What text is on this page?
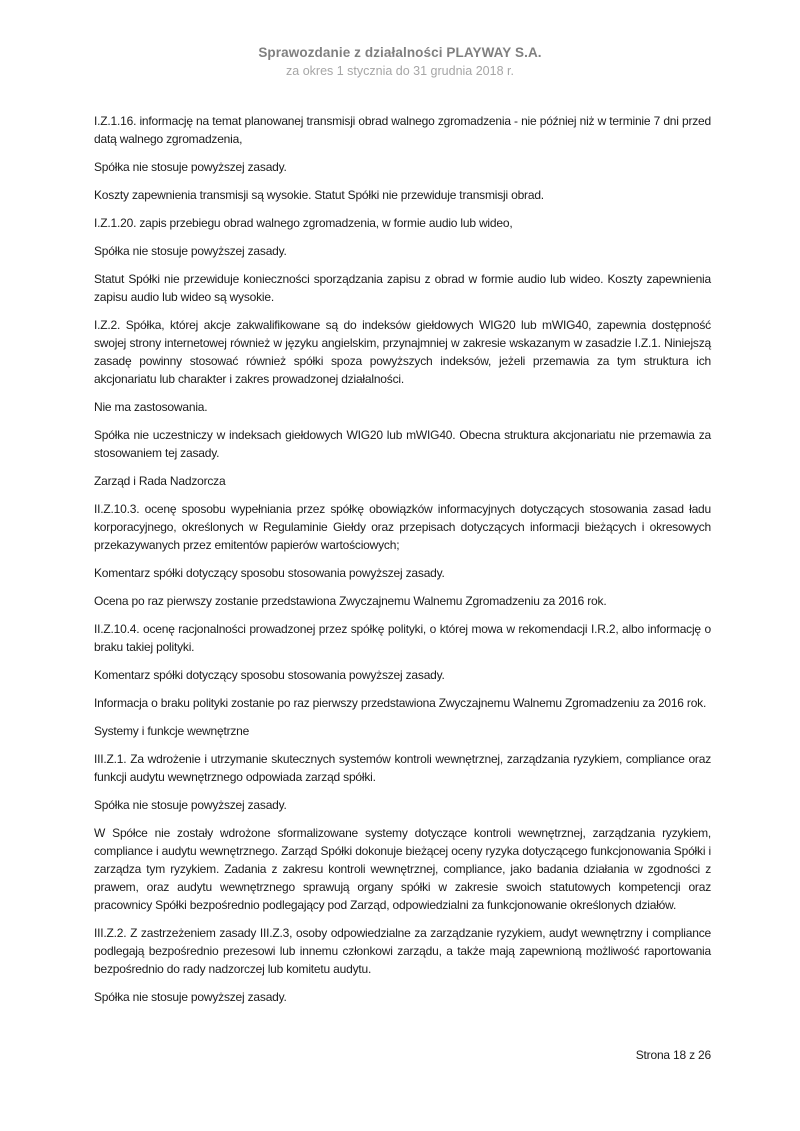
Sprawozdanie z działalności PLAYWAY S.A.
za okres 1 stycznia do 31 grudnia 2018 r.

I.Z.1.16. informację na temat planowanej transmisji obrad walnego zgromadzenia - nie później niż w terminie 7 dni przed datą walnego zgromadzenia,

Spółka nie stosuje powyższej zasady.

Koszty zapewnienia transmisji są wysokie. Statut Spółki nie przewiduje transmisji obrad.

I.Z.1.20. zapis przebiegu obrad walnego zgromadzenia, w formie audio lub wideo,

Spółka nie stosuje powyższej zasady.

Statut Spółki nie przewiduje konieczności sporządzania zapisu z obrad w formie audio lub wideo. Koszty zapewnienia zapisu audio lub wideo są wysokie.

I.Z.2. Spółka, której akcje zakwalifikowane są do indeksów giełdowych WIG20 lub mWIG40, zapewnia dostępność swojej strony internetowej również w języku angielskim, przynajmniej w zakresie wskazanym w zasadzie I.Z.1. Niniejszą zasadę powinny stosować również spółki spoza powyższych indeksów, jeżeli przemawia za tym struktura ich akcjonariatu lub charakter i zakres prowadzonej działalności.

Nie ma zastosowania.

Spółka nie uczestniczy w indeksach giełdowych WIG20 lub mWIG40. Obecna struktura akcjonariatu nie przemawia za stosowaniem tej zasady.

Zarząd i Rada Nadzorcza

II.Z.10.3. ocenę sposobu wypełniania przez spółkę obowiązków informacyjnych dotyczących stosowania zasad ładu korporacyjnego, określonych w Regulaminie Giełdy oraz przepisach dotyczących informacji bieżących i okresowych przekazywanych przez emitentów papierów wartościowych;

Komentarz spółki dotyczący sposobu stosowania powyższej zasady.

Ocena po raz pierwszy zostanie przedstawiona Zwyczajnemu Walnemu Zgromadzeniu za 2016 rok.

II.Z.10.4. ocenę racjonalności prowadzonej przez spółkę polityki, o której mowa w rekomendacji I.R.2, albo informację o braku takiej polityki.

Komentarz spółki dotyczący sposobu stosowania powyższej zasady.

Informacja o braku polityki zostanie po raz pierwszy przedstawiona Zwyczajnemu Walnemu Zgromadzeniu za 2016 rok.

Systemy i funkcje wewnętrzne

III.Z.1. Za wdrożenie i utrzymanie skutecznych systemów kontroli wewnętrznej, zarządzania ryzykiem, compliance oraz funkcji audytu wewnętrznego odpowiada zarząd spółki.

Spółka nie stosuje powyższej zasady.

W Spółce nie zostały wdrożone sformalizowane systemy dotyczące kontroli wewnętrznej, zarządzania ryzykiem, compliance i audytu wewnętrznego. Zarząd Spółki dokonuje bieżącej oceny ryzyka dotyczącego funkcjonowania Spółki i zarządza tym ryzykiem. Zadania z zakresu kontroli wewnętrznej, compliance, jako badania działania w zgodności z prawem, oraz audytu wewnętrznego sprawują organy spółki w zakresie swoich statutowych kompetencji oraz pracownicy Spółki bezpośrednio podlegający pod Zarząd, odpowiedzialni za funkcjonowanie określonych działów.

III.Z.2. Z zastrzeżeniem zasady III.Z.3, osoby odpowiedzialne za zarządzanie ryzykiem, audyt wewnętrzny i compliance podlegają bezpośrednio prezesowi lub innemu członkowi zarządu, a także mają zapewnioną możliwość raportowania bezpośrednio do rady nadzorczej lub komitetu audytu.

Spółka nie stosuje powyższej zasady.

Strona 18 z 26
